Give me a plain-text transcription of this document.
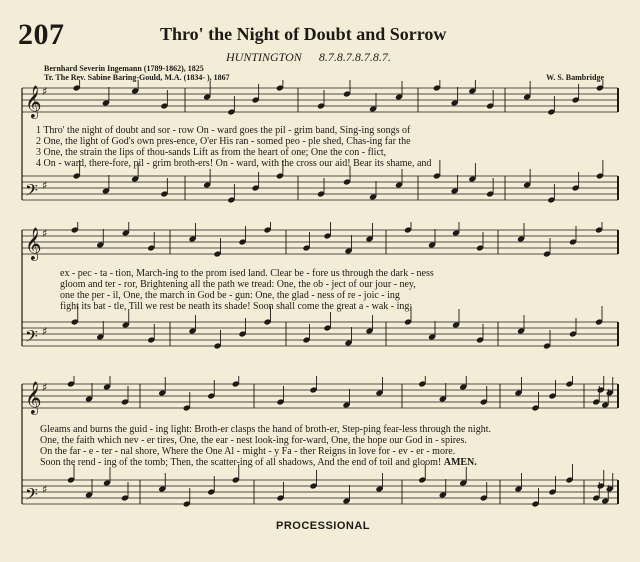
207	Thro' the Night of Doubt and Sorrow
HUNTINGTON 8.7.8.7.8.7.8.7.
Bernhard Severin Ingemann (1789-1862), 1825
Tr. The Rev. Sabine Baring-Gould, M.A. (1834- ), 1867	W. S. Bambridge
𝄞 ♯
𝄢 ♯
1 Thro' the night of doubt and sor - row On - ward goes the pil - grim band, Sing-ing songs of
2 One, the light of God's own pres-ence, O'er His ran - somed peo - ple shed, Chas-ing far the
3 One, the strain the lips of thou-sands Lift as from the heart of one; One the con - flict,
4 On - ward, there-fore, pil - grim broth-ers! On - ward, with the cross our aid! Bear its shame, and
𝄞 ♯
𝄢 ♯
ex - pec - ta - tion, March-ing to the prom ised land. Clear be - fore us through the dark - ness
gloom and ter - ror, Brightening all the path we tread: One, the ob - ject of our jour - ney,
one the per - il, One, the march in God be - gun: One, the glad - ness of re - joic - ing
fight its bat - tle, Till we rest be neath its shade! Soon shall come the great a - wak - ing;
𝄞 ♯
𝄢 ♯
Gleams and burns the guid - ing light: Broth-er clasps the hand of broth-er, Step-ping fear-less through the night.
One, the faith which nev - er tires, One, the ear - nest look-ing for-ward, One, the hope our God in - spires.
On the far - e - ter - nal shore, Where the One Al - might - y Fa - ther Reigns in love for - ev - er - more.
Soon the rend - ing of the tomb; Then, the scatter-ing of all shadows, And the end of toil and gloom! AMEN.
PROCESSIONAL
